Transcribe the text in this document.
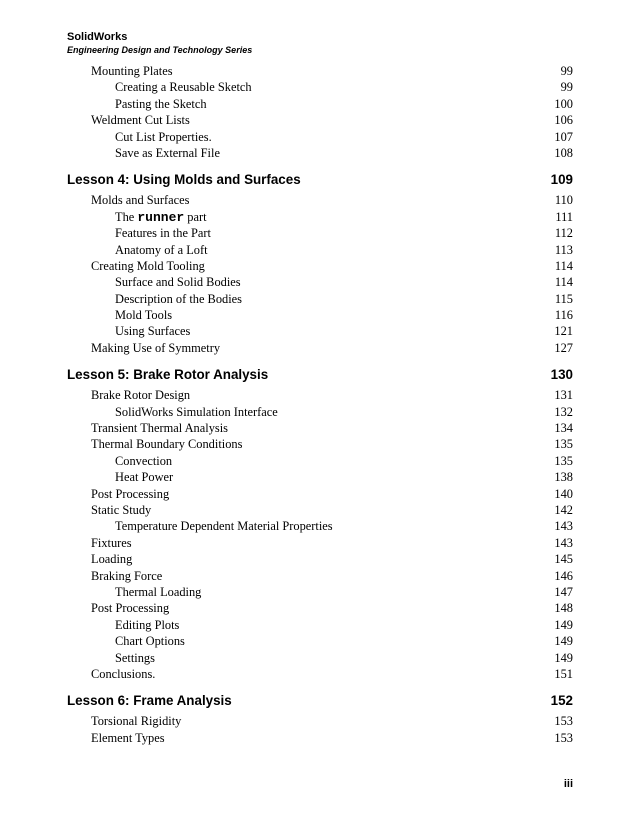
SolidWorks
Engineering Design and Technology Series
Mounting Plates	99
Creating a Reusable Sketch	99
Pasting the Sketch	100
Weldment Cut Lists	106
Cut List Properties.	107
Save as External File	108
Lesson 4: Using Molds and Surfaces	109
Molds and Surfaces	110
The runner part	111
Features in the Part	112
Anatomy of a Loft	113
Creating Mold Tooling	114
Surface and Solid Bodies	114
Description of the Bodies	115
Mold Tools	116
Using Surfaces	121
Making Use of Symmetry	127
Lesson 5: Brake Rotor Analysis	130
Brake Rotor Design	131
SolidWorks Simulation Interface	132
Transient Thermal Analysis	134
Thermal Boundary Conditions	135
Convection	135
Heat Power	138
Post Processing	140
Static Study	142
Temperature Dependent Material Properties	143
Fixtures	143
Loading	145
Braking Force	146
Thermal Loading	147
Post Processing	148
Editing Plots	149
Chart Options	149
Settings	149
Conclusions.	151
Lesson 6: Frame Analysis	152
Torsional Rigidity	153
Element Types	153
iii
